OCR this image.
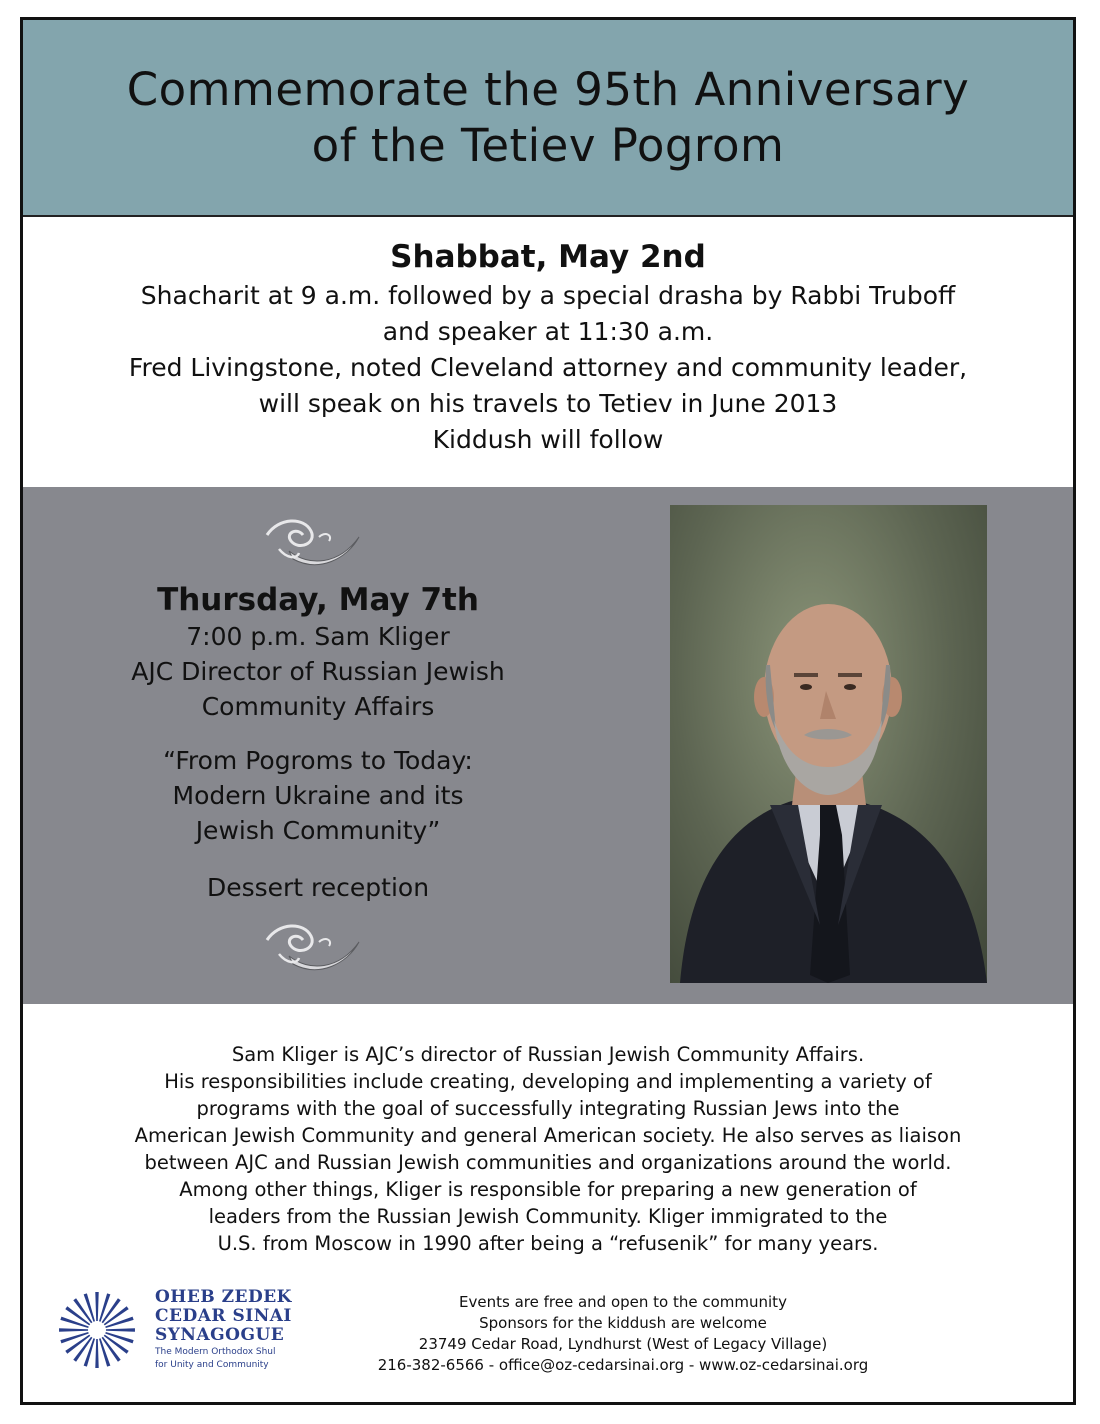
Commemorate the 95th Anniversary
of the Tetiev Pogrom
Shabbat, May 2nd
Shacharit at 9 a.m. followed by a special drasha by Rabbi Truboff
and speaker at 11:30 a.m.
Fred Livingstone, noted Cleveland attorney and community leader,
will speak on his travels to Tetiev in June 2013
Kiddush will follow
Thursday, May 7th
7:00 p.m. Sam Kliger
AJC Director of Russian Jewish
Community Affairs
“From Pogroms to Today:
Modern Ukraine and its
Jewish Community”
Dessert reception
Sam Kliger is AJC’s director of Russian Jewish Community Affairs.
His responsibilities include creating, developing and implementing a variety of
programs with the goal of successfully integrating Russian Jews into the
American Jewish Community and general American society. He also serves as liaison
between AJC and Russian Jewish communities and organizations around the world.
Among other things, Kliger is responsible for preparing a new generation of
leaders from the Russian Jewish Community. Kliger immigrated to the
U.S. from Moscow in 1990 after being a “refusenik” for many years.
OHEB ZEDEK
CEDAR SINAI
SYNAGOGUE
The Modern Orthodox Shul
for Unity and Community
Events are free and open to the community
Sponsors for the kiddush are welcome
23749 Cedar Road, Lyndhurst (West of Legacy Village)
216-382-6566 - office@oz-cedarsinai.org - www.oz-cedarsinai.org
